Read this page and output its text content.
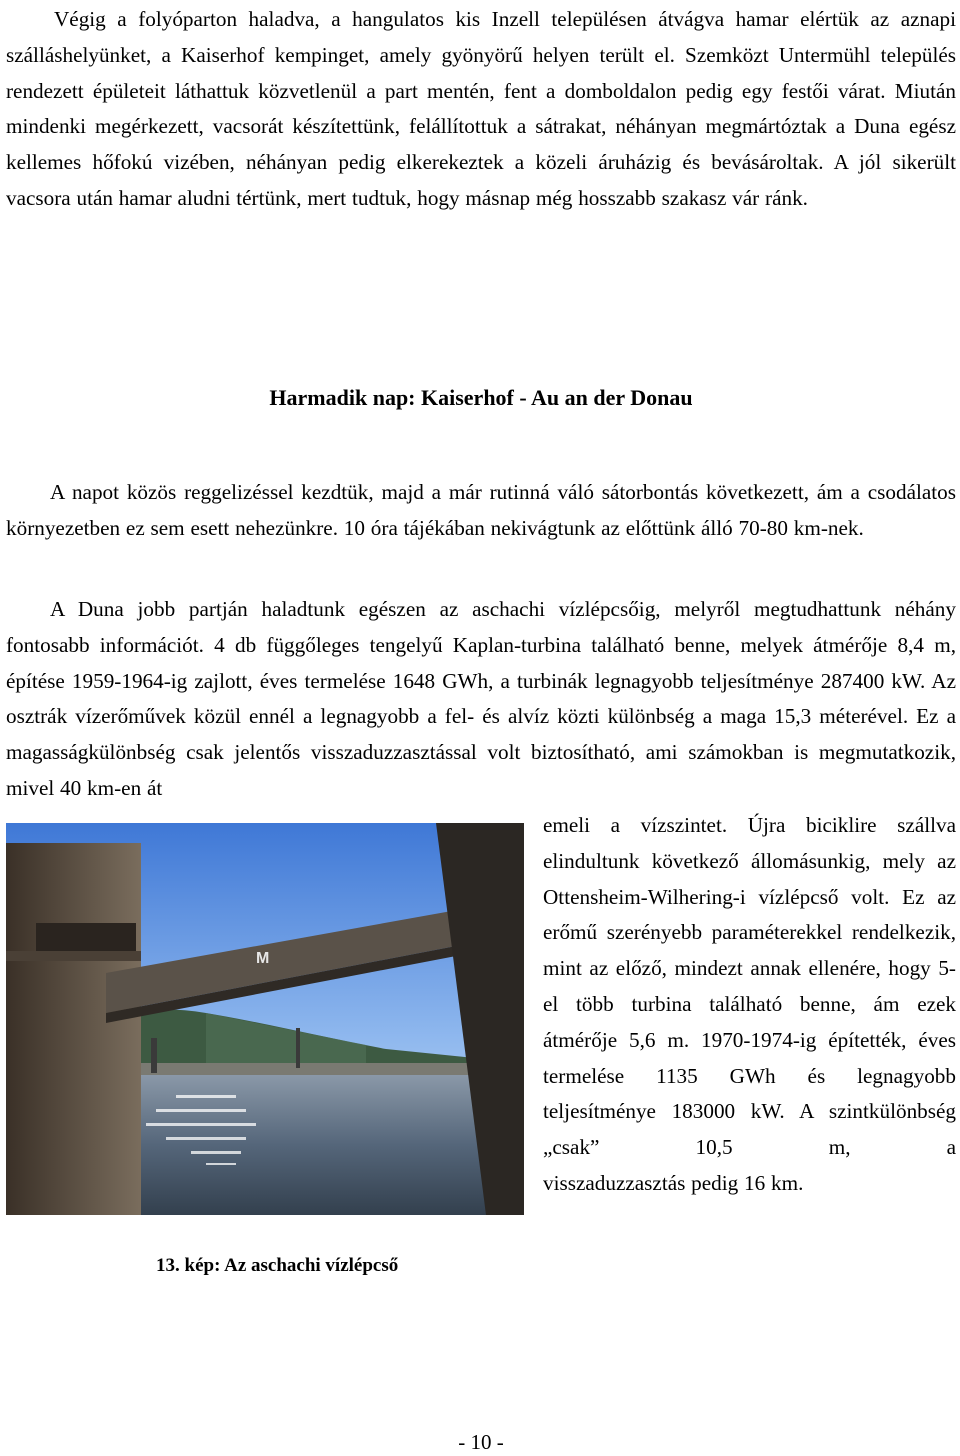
Végig a folyóparton haladva, a hangulatos kis Inzell településen átvágva hamar elértük az aznapi szálláshelyünket, a Kaiserhof kempinget, amely gyönyörű helyen terült el. Szemközt Untermühl település rendezett épületeit láthattuk közvetlenül a part mentén, fent a domboldalon pedig egy festői várat. Miután mindenki megérkezett, vacsorát készítettünk, felállítottuk a sátrakat, néhányan megmártóztak a Duna egész kellemes hőfokú vizében, néhányan pedig elkerekeztek a közeli áruházig és bevásároltak. A jól sikerült vacsora után hamar aludni tértünk, mert tudtuk, hogy másnap még hosszabb szakasz vár ránk.

Harmadik nap: Kaiserhof - Au an der Donau

A napot közös reggelizéssel kezdtük, majd a már rutinná váló sátorbontás következett, ám a csodálatos környezetben ez sem esett nehezünkre. 10 óra tájékában nekivágtunk az előttünk álló 70-80 km-nek.

A Duna jobb partján haladtunk egészen az aschachi vízlépcsőig, melyről megtudhattunk néhány fontosabb információt. 4 db függőleges tengelyű Kaplan-turbina található benne, melyek átmérője 8,4 m, építése 1959-1964-ig zajlott, éves termelése 1648 GWh, a turbinák legnagyobb teljesítménye 287400 kW. Az osztrák vízerőművek közül ennél a legnagyobb a fel- és alvíz közti különbség a maga 15,3 méterével. Ez a magasságkülönbség csak jelentős visszaduzzasztással volt biztosítható, ami számokban is megmutatkozik, mivel 40 km-en át

emeli a vízszintet. Újra biciklire szállva elindultunk következő állomásunkig, mely az Ottensheim-Wilhering-i vízlépcső volt. Ez az erőmű szerényebb paraméterekkel rendelkezik, mint az előző, mindezt annak ellenére, hogy 5-el több turbina található benne, ám ezek átmérője 5,6 m. 1970-1974-ig építették, éves termelése 1135 GWh és legnagyobb teljesítménye 183000 kW. A szintkülönbség „csak” 10,5 m, a

visszaduzzasztás pedig 16 km.

M

13. kép: Az aschachi vízlépcső

- 10 -
